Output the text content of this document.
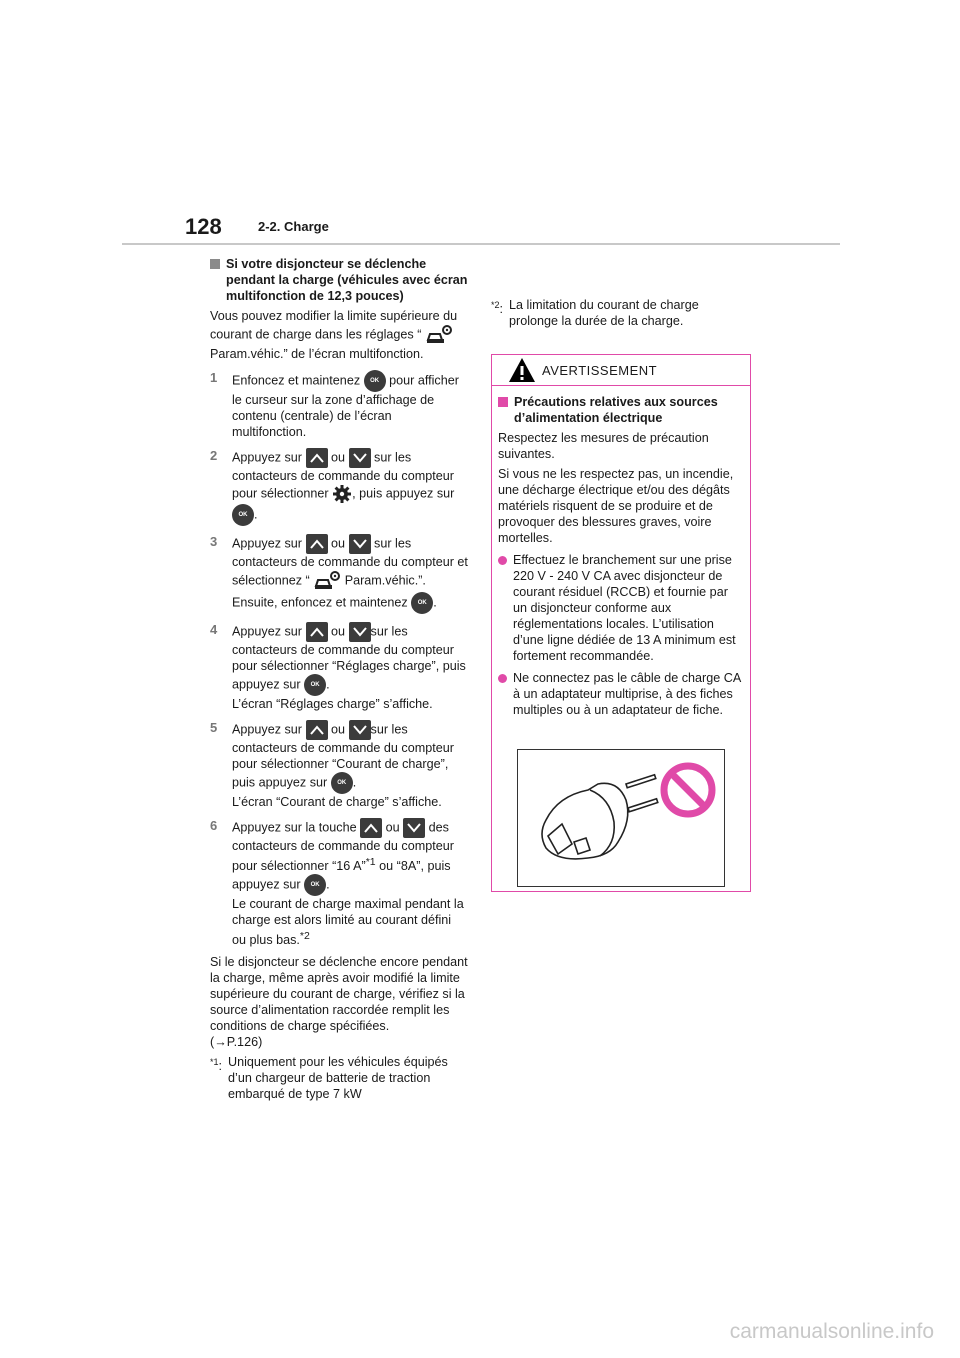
128	2-2. Charge
Si votre disjoncteur se déclenche pendant la charge (véhicules avec écran multifonction de 12,3 pouces)

Vous pouvez modifier la limite supérieure du
courant de charge dans les réglages “
Param.véhic.” de l’écran multifonction.

1	Enfoncez et maintenez OK pour afficher le curseur sur la zone d’affichage de contenu (centrale) de l’écran multifonction.
2	Appuyez sur ou sur les contacteurs de commande du compteur pour sélectionner , puis appuyez sur OK .
3	Appuyez sur ou sur les contacteurs de commande du compteur et sélectionnez “	Param.véhic.”.
Ensuite, enfoncez et maintenez OK .
4	Appuyez sur ou sur les contacteurs de commande du compteur pour sélectionner “Réglages charge”, puis appuyez sur OK .
L’écran “Réglages charge” s’affiche.
5	Appuyez sur ou sur les contacteurs de commande du compteur pour sélectionner “Courant de charge”, puis appuyez sur OK .
L’écran “Courant de charge” s’affiche.
6	Appuyez sur la touche ou des contacteurs de commande du compteur pour sélectionner “16 A”$^{*1}$ ou “8A”, puis appuyez sur OK .
Le courant de charge maximal pendant la charge est alors limité au courant défini ou plus bas.$^{*2}$

Si le disjoncteur se déclenche encore pendant la charge, même après avoir modifié la limite supérieure du courant de charge, vérifiez si la source d’alimentation raccordée remplit les conditions de charge spécifiées.
(→P.126)

$^{*1}$: Uniquement pour les véhicules équipés d’un chargeur de batterie de traction embarqué de type 7 kW
$^{*2}$: La limitation du courant de charge prolonge la durée de la charge.
AVERTISSEMENT
Précautions relatives aux sources d’alimentation électrique

Respectez les mesures de précaution suivantes.

Si vous ne les respectez pas, un incendie, une décharge électrique et/ou des dégâts matériels risquent de se produire et de provoquer des blessures graves, voire mortelles.

Effectuez le branchement sur une prise 220 V - 240 V CA avec disjoncteur de courant résiduel (RCCB) et fournie par un disjoncteur conforme aux réglementations locales. L’utilisation d’une ligne dédiée de 13 A minimum est fortement recommandée.
Ne connectez pas le câble de charge CA à un adaptateur multiprise, à des fiches multiples ou à un adaptateur de fiche.
carmanualsonline.info
